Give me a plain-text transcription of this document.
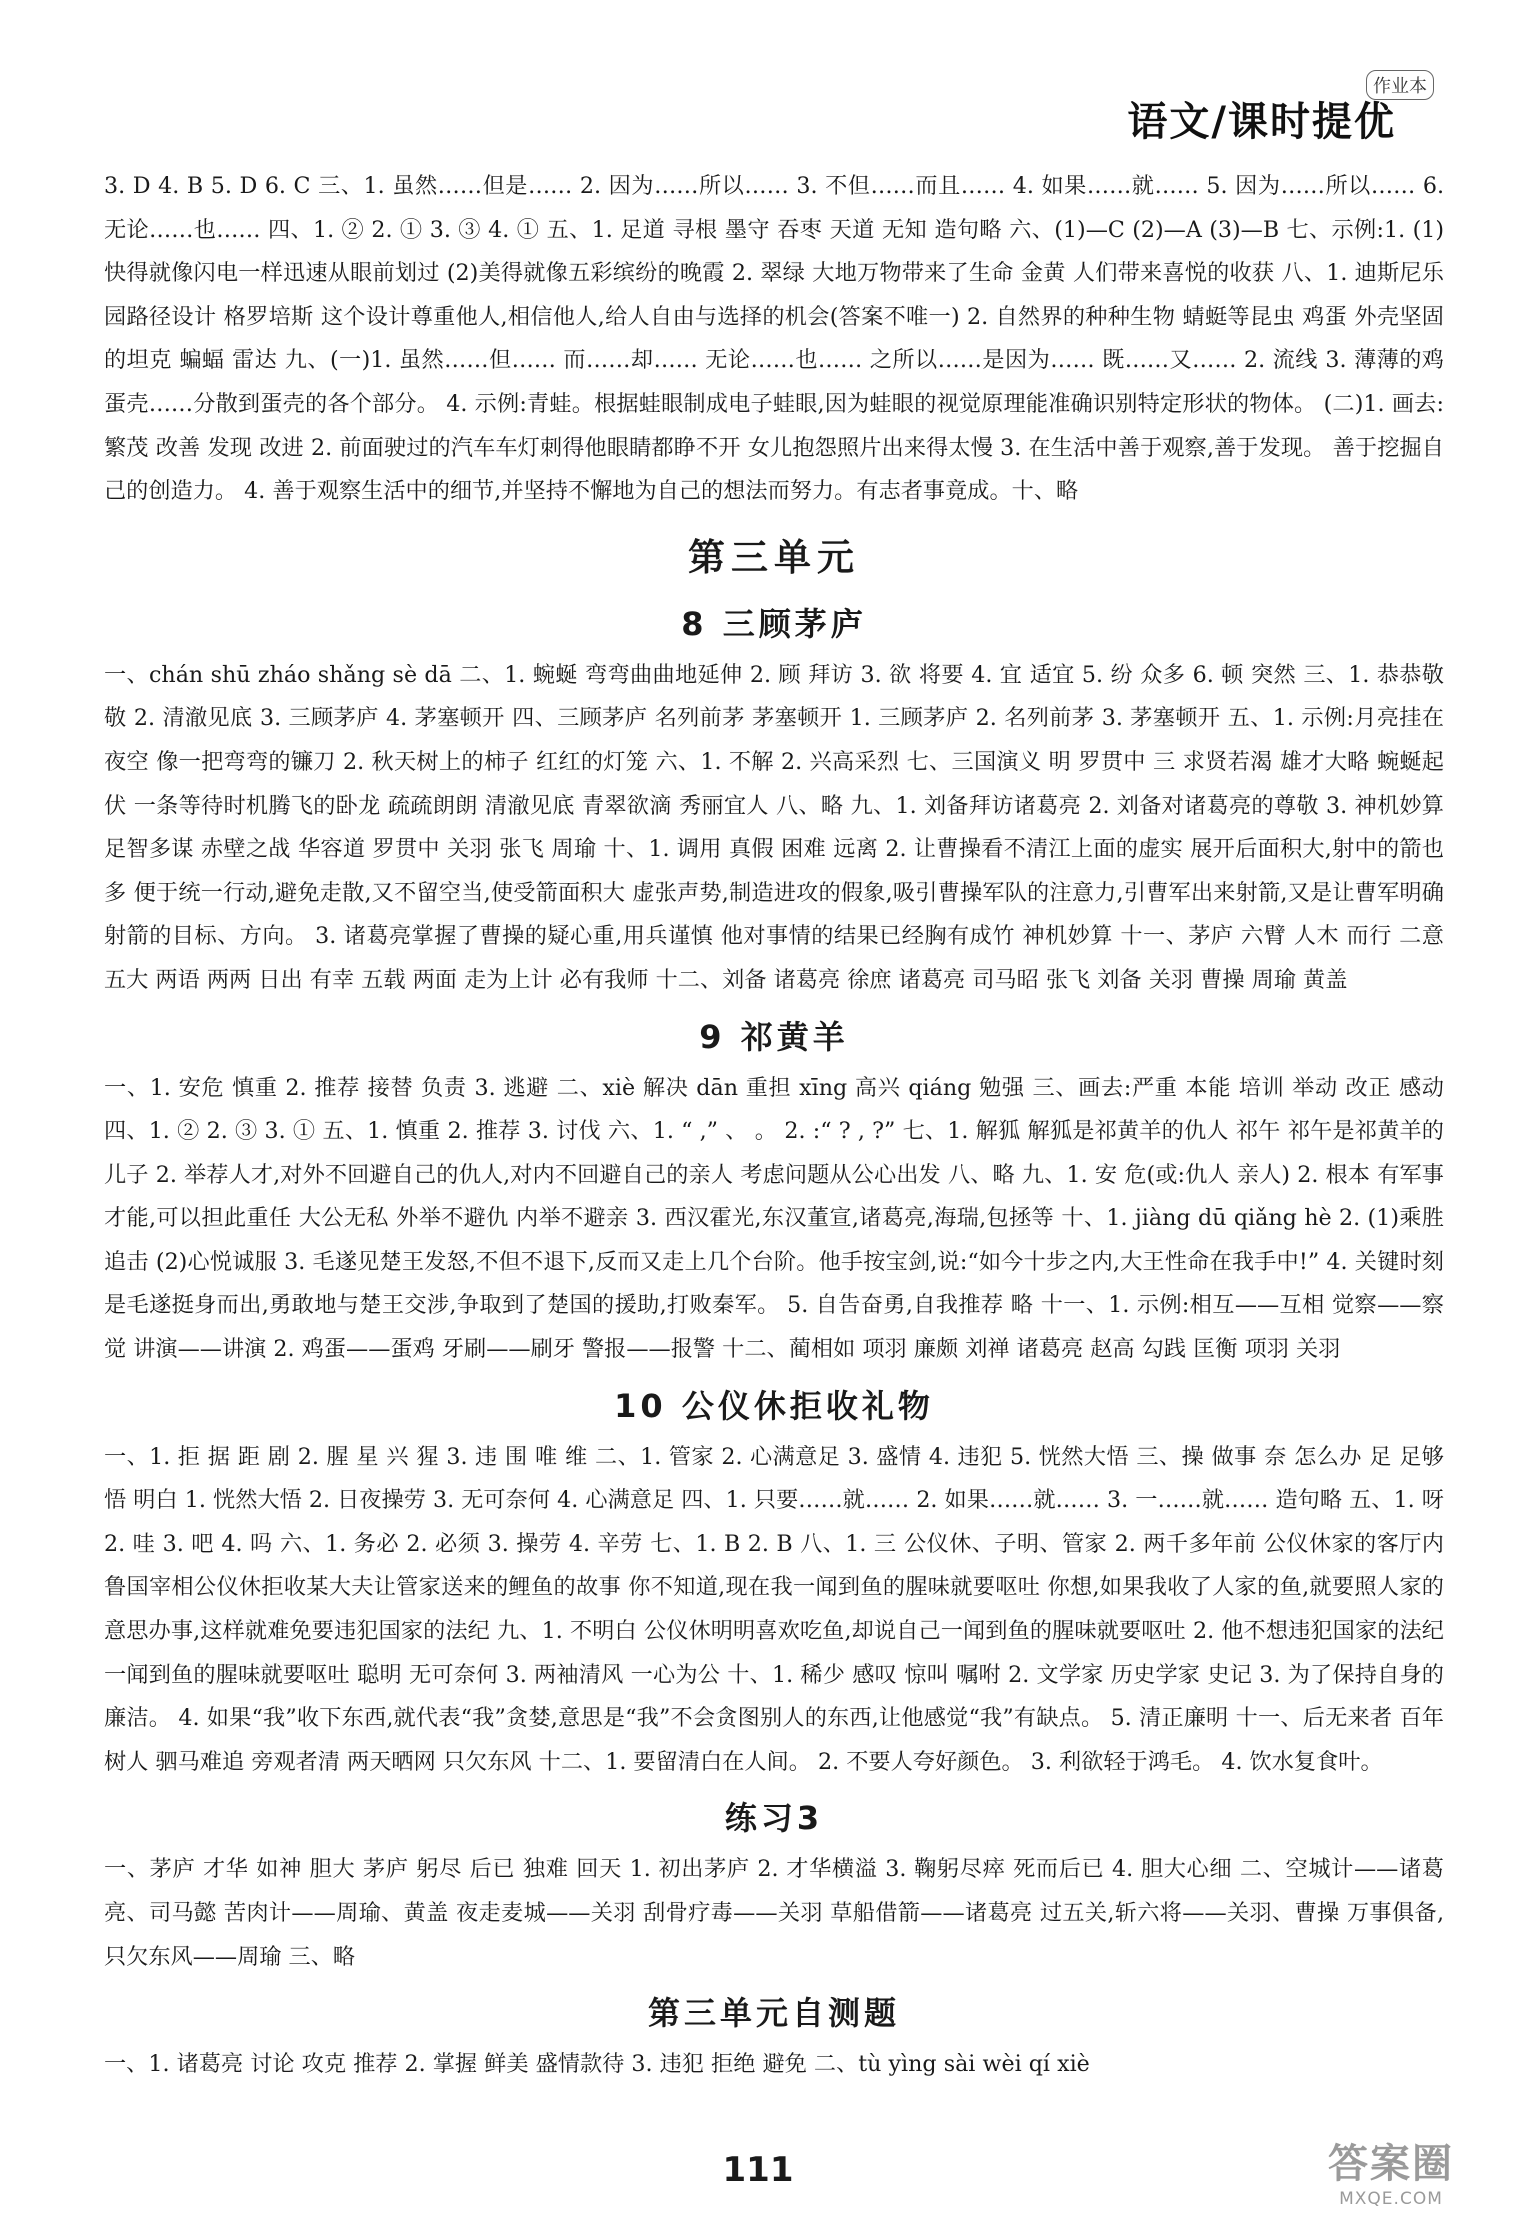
作业本
语文/课时提优

3. D 4. B 5. D 6. C 三、1. 虽然……但是…… 2. 因为……所以…… 3. 不但……而且…… 4. 如果……就…… 5. 因为……所以…… 6. 无论……也…… 四、1. ② 2. ① 3. ③ 4. ① 五、1. 足道 寻根 墨守 吞枣 天道 无知 造句略 六、(1)—C (2)—A (3)—B 七、示例:1. (1)快得就像闪电一样迅速从眼前划过 (2)美得就像五彩缤纷的晚霞 2. 翠绿 大地万物带来了生命 金黄 人们带来喜悦的收获 八、1. 迪斯尼乐园路径设计 格罗培斯 这个设计尊重他人,相信他人,给人自由与选择的机会(答案不唯一) 2. 自然界的种种生物 蜻蜓等昆虫 鸡蛋 外壳坚固的坦克 蝙蝠 雷达 九、(一)1. 虽然……但…… 而……却…… 无论……也…… 之所以……是因为…… 既……又…… 2. 流线 3. 薄薄的鸡蛋壳……分散到蛋壳的各个部分。 4. 示例:青蛙。根据蛙眼制成电子蛙眼,因为蛙眼的视觉原理能准确识别特定形状的物体。 (二)1. 画去:繁茂 改善 发现 改进 2. 前面驶过的汽车车灯刺得他眼睛都睁不开 女儿抱怨照片出来得太慢 3. 在生活中善于观察,善于发现。 善于挖掘自己的创造力。 4. 善于观察生活中的细节,并坚持不懈地为自己的想法而努力。有志者事竟成。十、略

第三单元
8 三顾茅庐

一、chán shū zháo shǎng sè dā 二、1. 蜿蜒 弯弯曲曲地延伸 2. 顾 拜访 3. 欲 将要 4. 宜 适宜 5. 纷 众多 6. 顿 突然 三、1. 恭恭敬敬 2. 清澈见底 3. 三顾茅庐 4. 茅塞顿开 四、三顾茅庐 名列前茅 茅塞顿开 1. 三顾茅庐 2. 名列前茅 3. 茅塞顿开 五、1. 示例:月亮挂在夜空 像一把弯弯的镰刀 2. 秋天树上的柿子 红红的灯笼 六、1. 不解 2. 兴高采烈 七、三国演义 明 罗贯中 三 求贤若渴 雄才大略 蜿蜒起伏 一条等待时机腾飞的卧龙 疏疏朗朗 清澈见底 青翠欲滴 秀丽宜人 八、略 九、1. 刘备拜访诸葛亮 2. 刘备对诸葛亮的尊敬 3. 神机妙算 足智多谋 赤壁之战 华容道 罗贯中 关羽 张飞 周瑜 十、1. 调用 真假 困难 远离 2. 让曹操看不清江上面的虚实 展开后面积大,射中的箭也多 便于统一行动,避免走散,又不留空当,使受箭面积大 虚张声势,制造进攻的假象,吸引曹操军队的注意力,引曹军出来射箭,又是让曹军明确射箭的目标、方向。 3. 诸葛亮掌握了曹操的疑心重,用兵谨慎 他对事情的结果已经胸有成竹 神机妙算 十一、茅庐 六臂 人木 而行 二意 五大 两语 两两 日出 有幸 五载 两面 走为上计 必有我师 十二、刘备 诸葛亮 徐庶 诸葛亮 司马昭 张飞 刘备 关羽 曹操 周瑜 黄盖

9 祁黄羊

一、1. 安危 慎重 2. 推荐 接替 负责 3. 逃避 二、xiè 解决 dān 重担 xīng 高兴 qiáng 勉强 三、画去:严重 本能 培训 举动 改正 感动 四、1. ② 2. ③ 3. ① 五、1. 慎重 2. 推荐 3. 讨伐 六、1. “ ,” 、 。 2. :“ ? , ?” 七、1. 解狐 解狐是祁黄羊的仇人 祁午 祁午是祁黄羊的儿子 2. 举荐人才,对外不回避自己的仇人,对内不回避自己的亲人 考虑问题从公心出发 八、略 九、1. 安 危(或:仇人 亲人) 2. 根本 有军事才能,可以担此重任 大公无私 外举不避仇 内举不避亲 3. 西汉霍光,东汉董宣,诸葛亮,海瑞,包拯等 十、1. jiàng dū qiǎng hè 2. (1)乘胜追击 (2)心悦诚服 3. 毛遂见楚王发怒,不但不退下,反而又走上几个台阶。他手按宝剑,说:“如今十步之内,大王性命在我手中!” 4. 关键时刻是毛遂挺身而出,勇敢地与楚王交涉,争取到了楚国的援助,打败秦军。 5. 自告奋勇,自我推荐 略 十一、1. 示例:相互——互相 觉察——察觉 讲演——讲演 2. 鸡蛋——蛋鸡 牙刷——刷牙 警报——报警 十二、蔺相如 项羽 廉颇 刘禅 诸葛亮 赵高 勾践 匡衡 项羽 关羽

10 公仪休拒收礼物

一、1. 拒 据 距 剧 2. 腥 星 兴 猩 3. 违 围 唯 维 二、1. 管家 2. 心满意足 3. 盛情 4. 违犯 5. 恍然大悟 三、操 做事 奈 怎么办 足 足够 悟 明白 1. 恍然大悟 2. 日夜操劳 3. 无可奈何 4. 心满意足 四、1. 只要……就…… 2. 如果……就…… 3. 一……就…… 造句略 五、1. 呀 2. 哇 3. 吧 4. 吗 六、1. 务必 2. 必须 3. 操劳 4. 辛劳 七、1. B 2. B 八、1. 三 公仪休、子明、管家 2. 两千多年前 公仪休家的客厅内 鲁国宰相公仪休拒收某大夫让管家送来的鲤鱼的故事 你不知道,现在我一闻到鱼的腥味就要呕吐 你想,如果我收了人家的鱼,就要照人家的意思办事,这样就难免要违犯国家的法纪 九、1. 不明白 公仪休明明喜欢吃鱼,却说自己一闻到鱼的腥味就要呕吐 2. 他不想违犯国家的法纪 一闻到鱼的腥味就要呕吐 聪明 无可奈何 3. 两袖清风 一心为公 十、1. 稀少 感叹 惊叫 嘱咐 2. 文学家 历史学家 史记 3. 为了保持自身的廉洁。 4. 如果“我”收下东西,就代表“我”贪婪,意思是“我”不会贪图别人的东西,让他感觉“我”有缺点。 5. 清正廉明 十一、后无来者 百年树人 驷马难追 旁观者清 两天晒网 只欠东风 十二、1. 要留清白在人间。 2. 不要人夸好颜色。 3. 利欲轻于鸿毛。 4. 饮水复食叶。

练习3

一、茅庐 才华 如神 胆大 茅庐 躬尽 后已 独难 回天 1. 初出茅庐 2. 才华横溢 3. 鞠躬尽瘁 死而后已 4. 胆大心细 二、空城计——诸葛亮、司马懿 苦肉计——周瑜、黄盖 夜走麦城——关羽 刮骨疗毒——关羽 草船借箭——诸葛亮 过五关,斩六将——关羽、曹操 万事俱备,只欠东风——周瑜 三、略

第三单元自测题

一、1. 诸葛亮 讨论 攻克 推荐 2. 掌握 鲜美 盛情款待 3. 违犯 拒绝 避免 二、tù yìng sài wèi qí xiè

111	答案圈
MXQE.COM
